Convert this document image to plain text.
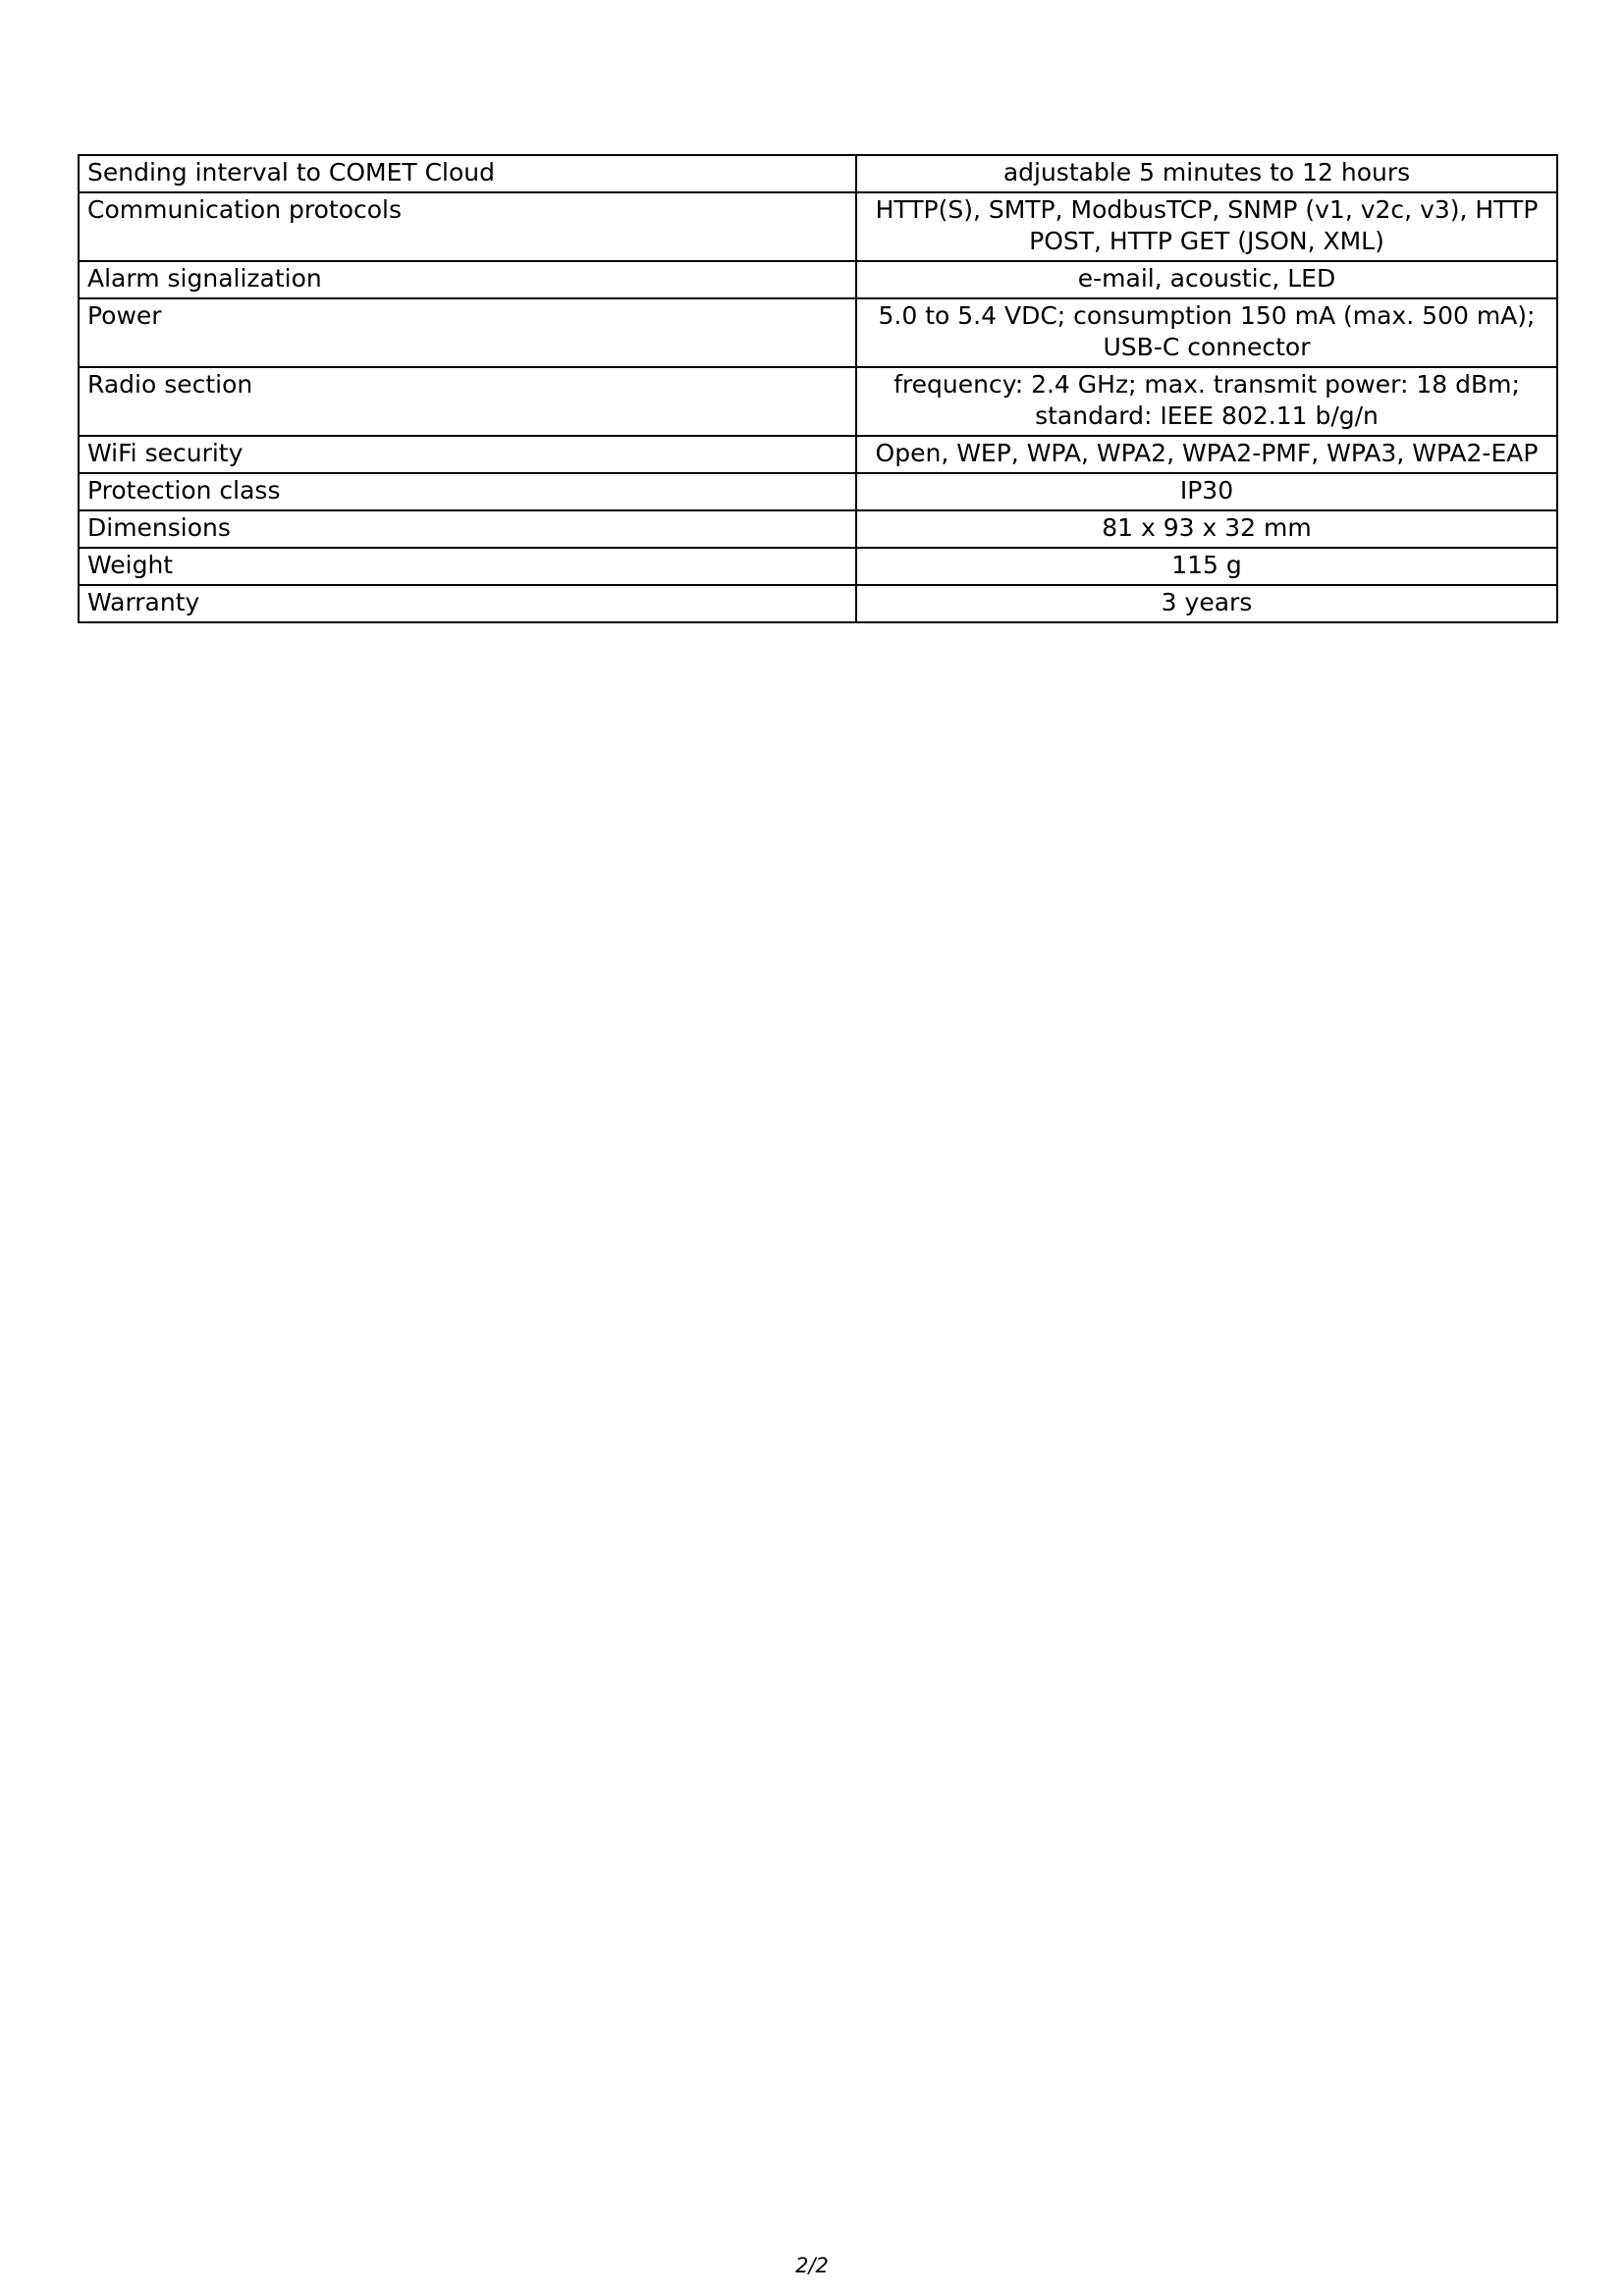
Sending interval to COMET Cloud	adjustable 5 minutes to 12 hours
Communication protocols	HTTP(S), SMTP, ModbusTCP, SNMP (v1, v2c, v3), HTTP POST, HTTP GET (JSON, XML)
Alarm signalization	e-mail, acoustic, LED
Power	5.0 to 5.4 VDC; consumption 150 mA (max. 500 mA); USB-C connector
Radio section	frequency: 2.4 GHz; max. transmit power: 18 dBm; standard: IEEE 802.11 b/g/n
WiFi security	Open, WEP, WPA, WPA2, WPA2-PMF, WPA3, WPA2-EAP
Protection class	IP30
Dimensions	81 x 93 x 32 mm
Weight	115 g
Warranty	3 years
2/2
